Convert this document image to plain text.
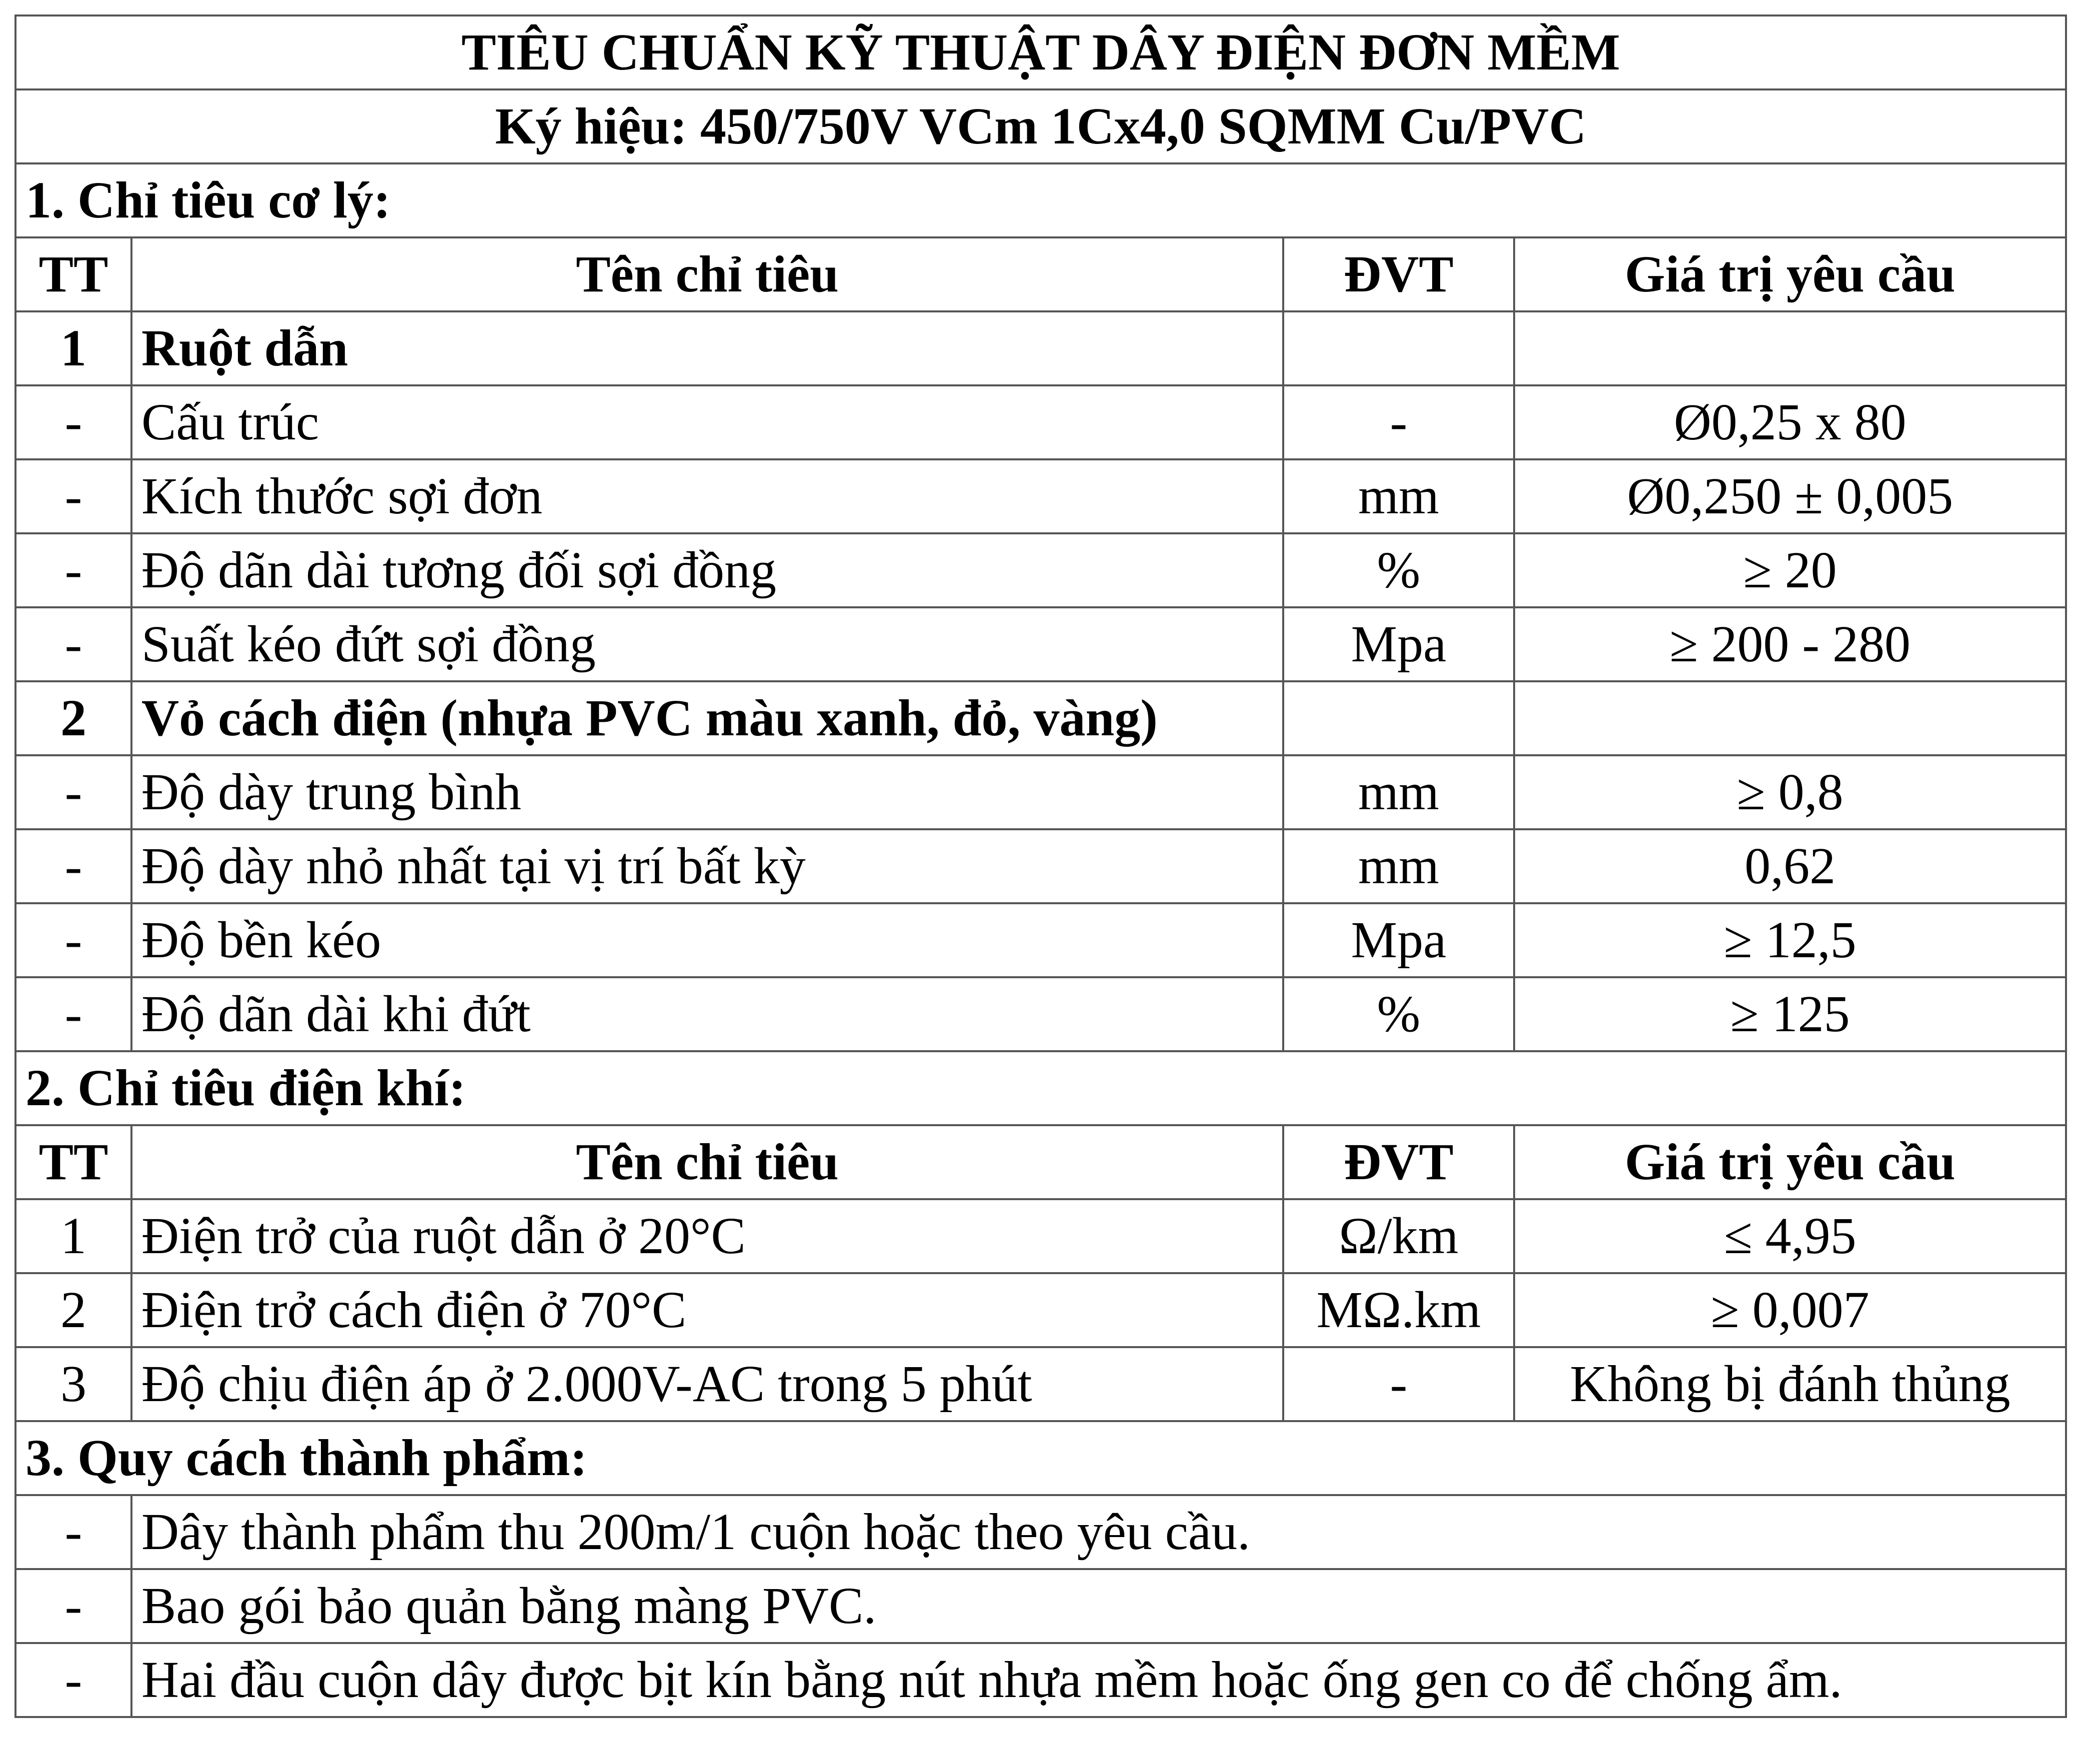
TIÊU CHUẨN KỸ THUẬT DÂY ĐIỆN ĐƠN MỀM			
Ký hiệu: 450/750V VCm 1Cx4,0 SQMM Cu/PVC			
1. Chỉ tiêu cơ lý:			
TT	Tên chỉ tiêu	ĐVT	Giá trị yêu cầu
1	Ruột dẫn		
-	Cấu trúc	-	Ø0,25 x 80
-	Kích thước sợi đơn	mm	Ø0,250 ± 0,005
-	Độ dãn dài tương đối sợi đồng	%	≥ 20
-	Suất kéo đứt sợi đồng	Mpa	≥ 200 - 280
2	Vỏ cách điện (nhựa PVC màu xanh, đỏ, vàng)		
-	Độ dày trung bình	mm	≥ 0,8
-	Độ dày nhỏ nhất tại vị trí bất kỳ	mm	0,62
-	Độ bền kéo	Mpa	≥ 12,5
-	Độ dãn dài khi đứt	%	≥ 125
2. Chỉ tiêu điện khí:			
TT	Tên chỉ tiêu	ĐVT	Giá trị yêu cầu
1	Điện trở của ruột dẫn ở 20°C	Ω/km	≤ 4,95
2	Điện trở cách điện ở 70°C	MΩ.km	≥ 0,007
3	Độ chịu điện áp ở 2.000V-AC trong 5 phút	-	Không bị đánh thủng
3. Quy cách thành phẩm:			
-	Dây thành phẩm thu 200m/1 cuộn hoặc theo yêu cầu.		
-	Bao gói bảo quản bằng màng PVC.		
-	Hai đầu cuộn dây được bịt kín bằng nút nhựa mềm hoặc ống gen co để chống ẩm.		
